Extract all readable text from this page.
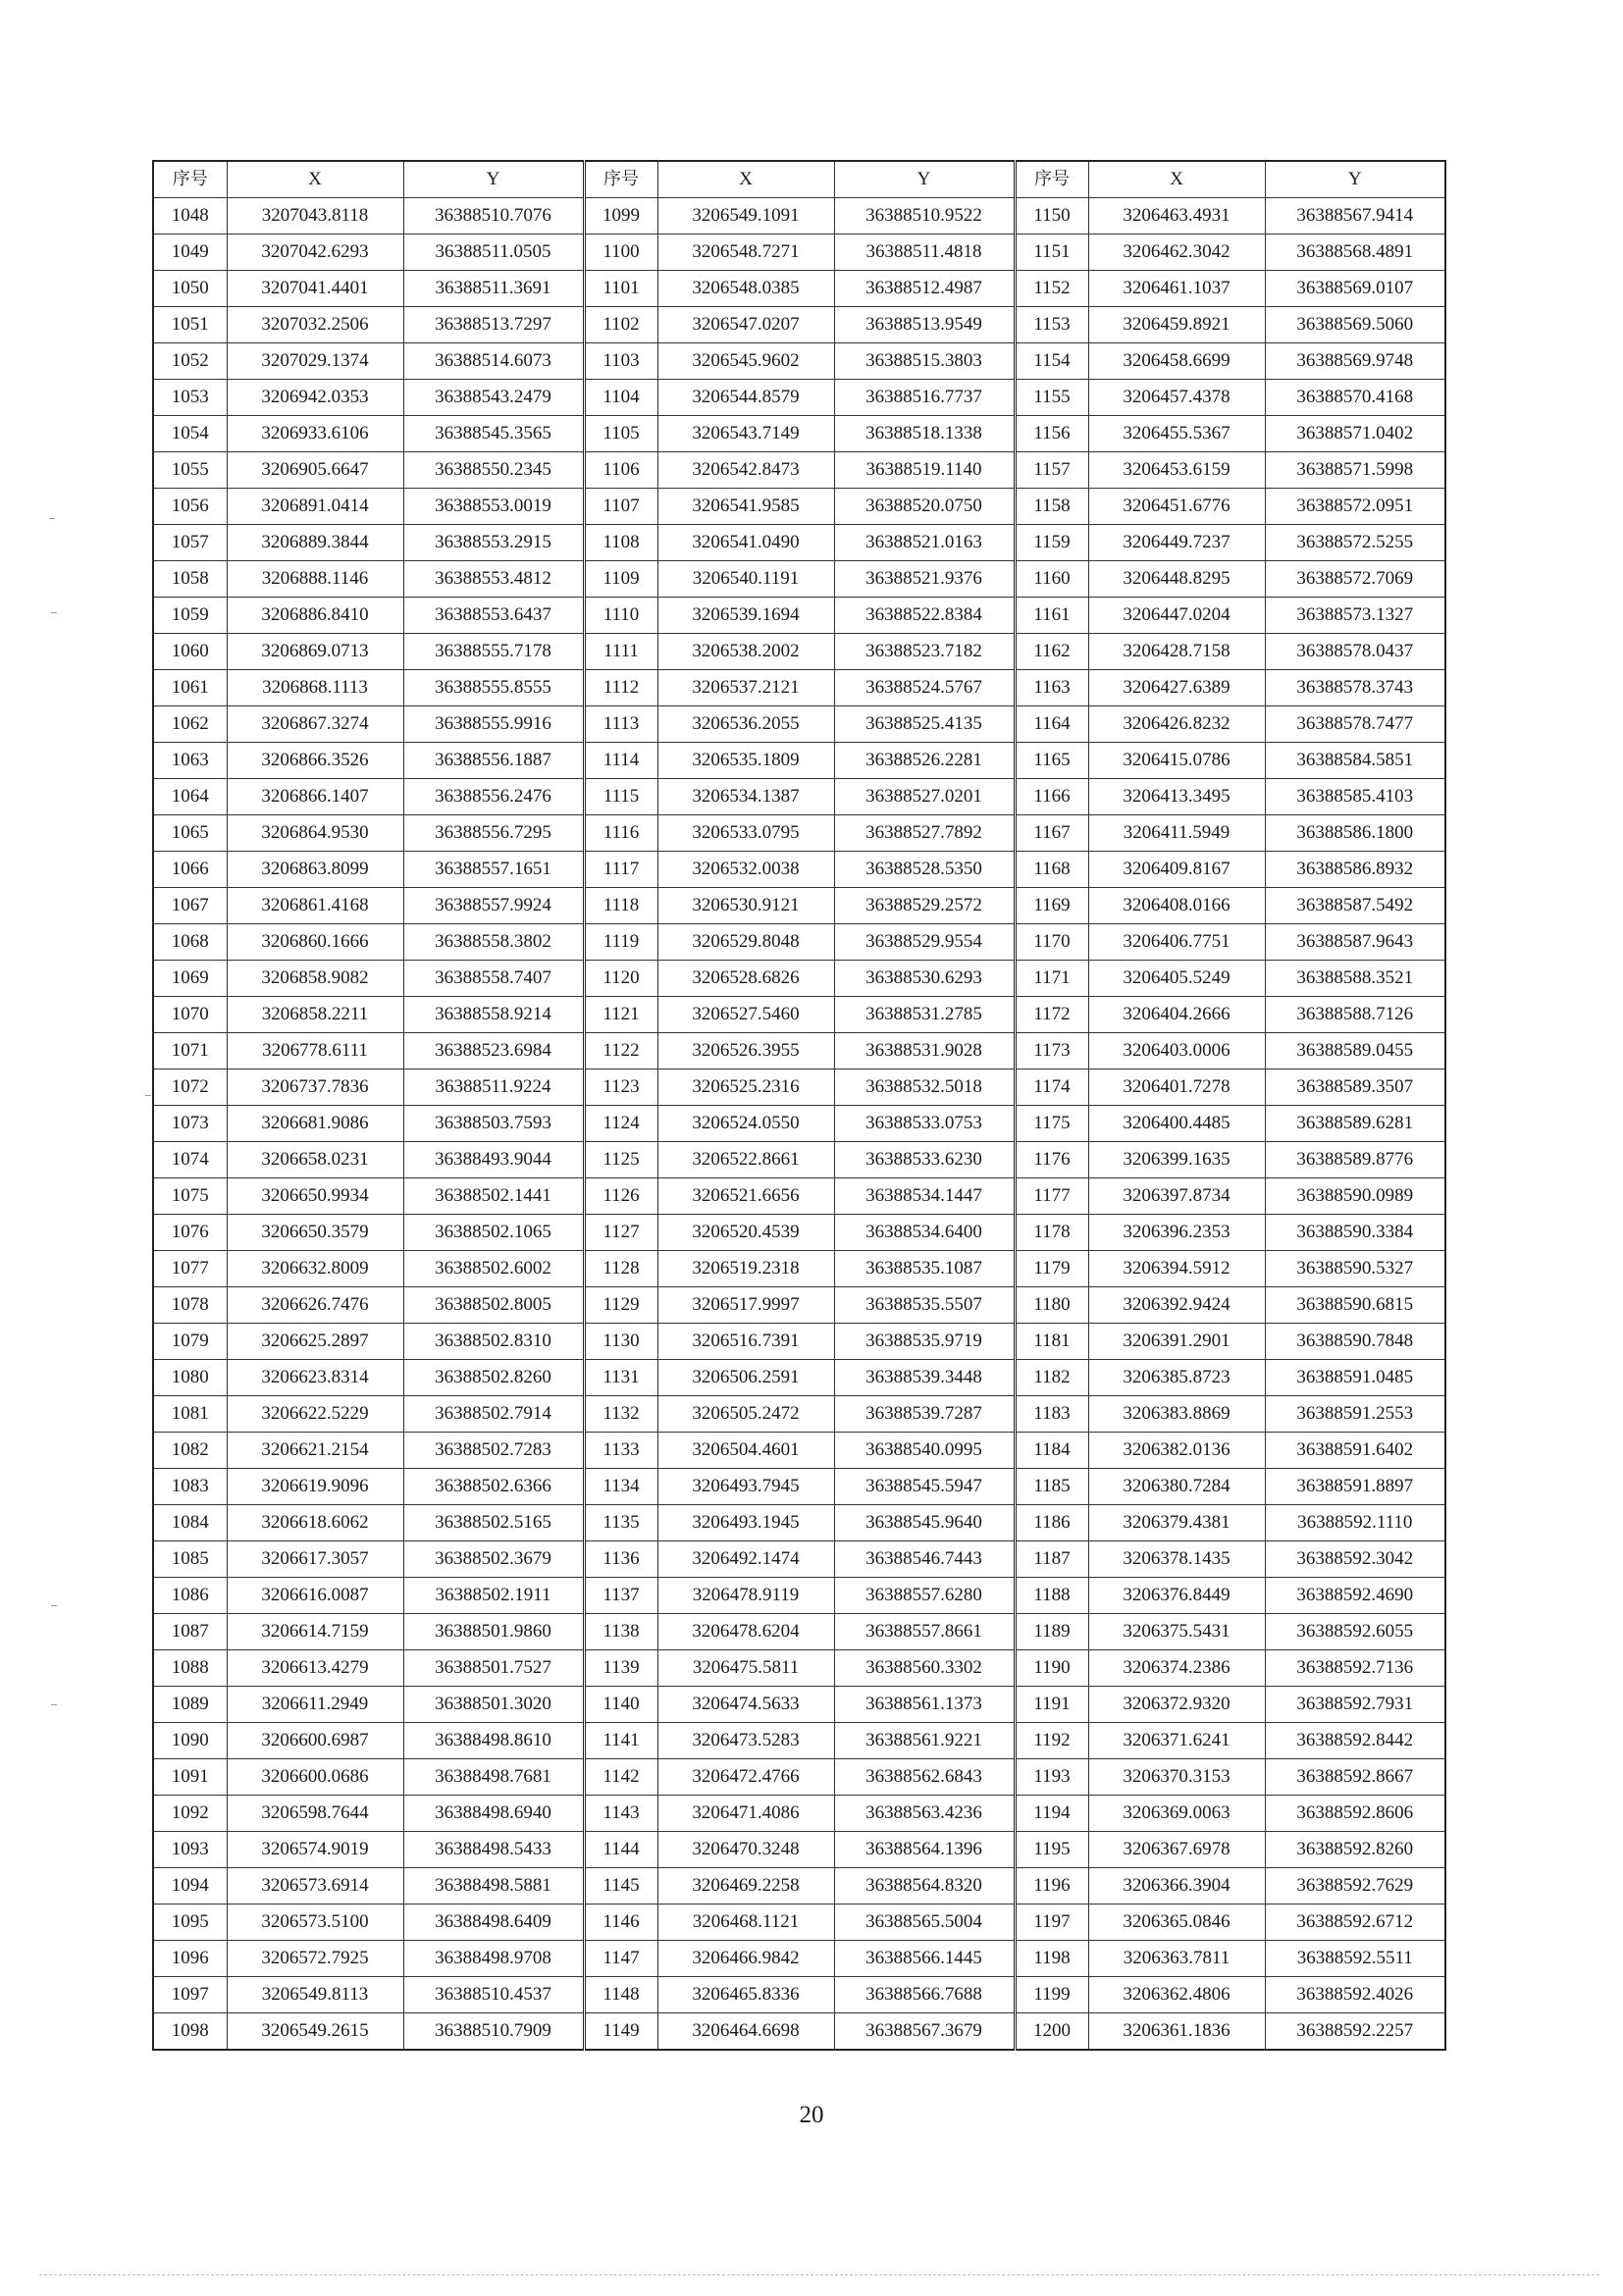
序号	X	Y	序号	X	Y	序号	X	Y
1048	3207043.8118	36388510.7076	1099	3206549.1091	36388510.9522	1150	3206463.4931	36388567.9414
1049	3207042.6293	36388511.0505	1100	3206548.7271	36388511.4818	1151	3206462.3042	36388568.4891
1050	3207041.4401	36388511.3691	1101	3206548.0385	36388512.4987	1152	3206461.1037	36388569.0107
1051	3207032.2506	36388513.7297	1102	3206547.0207	36388513.9549	1153	3206459.8921	36388569.5060
1052	3207029.1374	36388514.6073	1103	3206545.9602	36388515.3803	1154	3206458.6699	36388569.9748
1053	3206942.0353	36388543.2479	1104	3206544.8579	36388516.7737	1155	3206457.4378	36388570.4168
1054	3206933.6106	36388545.3565	1105	3206543.7149	36388518.1338	1156	3206455.5367	36388571.0402
1055	3206905.6647	36388550.2345	1106	3206542.8473	36388519.1140	1157	3206453.6159	36388571.5998
1056	3206891.0414	36388553.0019	1107	3206541.9585	36388520.0750	1158	3206451.6776	36388572.0951
1057	3206889.3844	36388553.2915	1108	3206541.0490	36388521.0163	1159	3206449.7237	36388572.5255
1058	3206888.1146	36388553.4812	1109	3206540.1191	36388521.9376	1160	3206448.8295	36388572.7069
1059	3206886.8410	36388553.6437	1110	3206539.1694	36388522.8384	1161	3206447.0204	36388573.1327
1060	3206869.0713	36388555.7178	1111	3206538.2002	36388523.7182	1162	3206428.7158	36388578.0437
1061	3206868.1113	36388555.8555	1112	3206537.2121	36388524.5767	1163	3206427.6389	36388578.3743
1062	3206867.3274	36388555.9916	1113	3206536.2055	36388525.4135	1164	3206426.8232	36388578.7477
1063	3206866.3526	36388556.1887	1114	3206535.1809	36388526.2281	1165	3206415.0786	36388584.5851
1064	3206866.1407	36388556.2476	1115	3206534.1387	36388527.0201	1166	3206413.3495	36388585.4103
1065	3206864.9530	36388556.7295	1116	3206533.0795	36388527.7892	1167	3206411.5949	36388586.1800
1066	3206863.8099	36388557.1651	1117	3206532.0038	36388528.5350	1168	3206409.8167	36388586.8932
1067	3206861.4168	36388557.9924	1118	3206530.9121	36388529.2572	1169	3206408.0166	36388587.5492
1068	3206860.1666	36388558.3802	1119	3206529.8048	36388529.9554	1170	3206406.7751	36388587.9643
1069	3206858.9082	36388558.7407	1120	3206528.6826	36388530.6293	1171	3206405.5249	36388588.3521
1070	3206858.2211	36388558.9214	1121	3206527.5460	36388531.2785	1172	3206404.2666	36388588.7126
1071	3206778.6111	36388523.6984	1122	3206526.3955	36388531.9028	1173	3206403.0006	36388589.0455
1072	3206737.7836	36388511.9224	1123	3206525.2316	36388532.5018	1174	3206401.7278	36388589.3507
1073	3206681.9086	36388503.7593	1124	3206524.0550	36388533.0753	1175	3206400.4485	36388589.6281
1074	3206658.0231	36388493.9044	1125	3206522.8661	36388533.6230	1176	3206399.1635	36388589.8776
1075	3206650.9934	36388502.1441	1126	3206521.6656	36388534.1447	1177	3206397.8734	36388590.0989
1076	3206650.3579	36388502.1065	1127	3206520.4539	36388534.6400	1178	3206396.2353	36388590.3384
1077	3206632.8009	36388502.6002	1128	3206519.2318	36388535.1087	1179	3206394.5912	36388590.5327
1078	3206626.7476	36388502.8005	1129	3206517.9997	36388535.5507	1180	3206392.9424	36388590.6815
1079	3206625.2897	36388502.8310	1130	3206516.7391	36388535.9719	1181	3206391.2901	36388590.7848
1080	3206623.8314	36388502.8260	1131	3206506.2591	36388539.3448	1182	3206385.8723	36388591.0485
1081	3206622.5229	36388502.7914	1132	3206505.2472	36388539.7287	1183	3206383.8869	36388591.2553
1082	3206621.2154	36388502.7283	1133	3206504.4601	36388540.0995	1184	3206382.0136	36388591.6402
1083	3206619.9096	36388502.6366	1134	3206493.7945	36388545.5947	1185	3206380.7284	36388591.8897
1084	3206618.6062	36388502.5165	1135	3206493.1945	36388545.9640	1186	3206379.4381	36388592.1110
1085	3206617.3057	36388502.3679	1136	3206492.1474	36388546.7443	1187	3206378.1435	36388592.3042
1086	3206616.0087	36388502.1911	1137	3206478.9119	36388557.6280	1188	3206376.8449	36388592.4690
1087	3206614.7159	36388501.9860	1138	3206478.6204	36388557.8661	1189	3206375.5431	36388592.6055
1088	3206613.4279	36388501.7527	1139	3206475.5811	36388560.3302	1190	3206374.2386	36388592.7136
1089	3206611.2949	36388501.3020	1140	3206474.5633	36388561.1373	1191	3206372.9320	36388592.7931
1090	3206600.6987	36388498.8610	1141	3206473.5283	36388561.9221	1192	3206371.6241	36388592.8442
1091	3206600.0686	36388498.7681	1142	3206472.4766	36388562.6843	1193	3206370.3153	36388592.8667
1092	3206598.7644	36388498.6940	1143	3206471.4086	36388563.4236	1194	3206369.0063	36388592.8606
1093	3206574.9019	36388498.5433	1144	3206470.3248	36388564.1396	1195	3206367.6978	36388592.8260
1094	3206573.6914	36388498.5881	1145	3206469.2258	36388564.8320	1196	3206366.3904	36388592.7629
1095	3206573.5100	36388498.6409	1146	3206468.1121	36388565.5004	1197	3206365.0846	36388592.6712
1096	3206572.7925	36388498.9708	1147	3206466.9842	36388566.1445	1198	3206363.7811	36388592.5511
1097	3206549.8113	36388510.4537	1148	3206465.8336	36388566.7688	1199	3206362.4806	36388592.4026
1098	3206549.2615	36388510.7909	1149	3206464.6698	36388567.3679	1200	3206361.1836	36388592.2257
20
